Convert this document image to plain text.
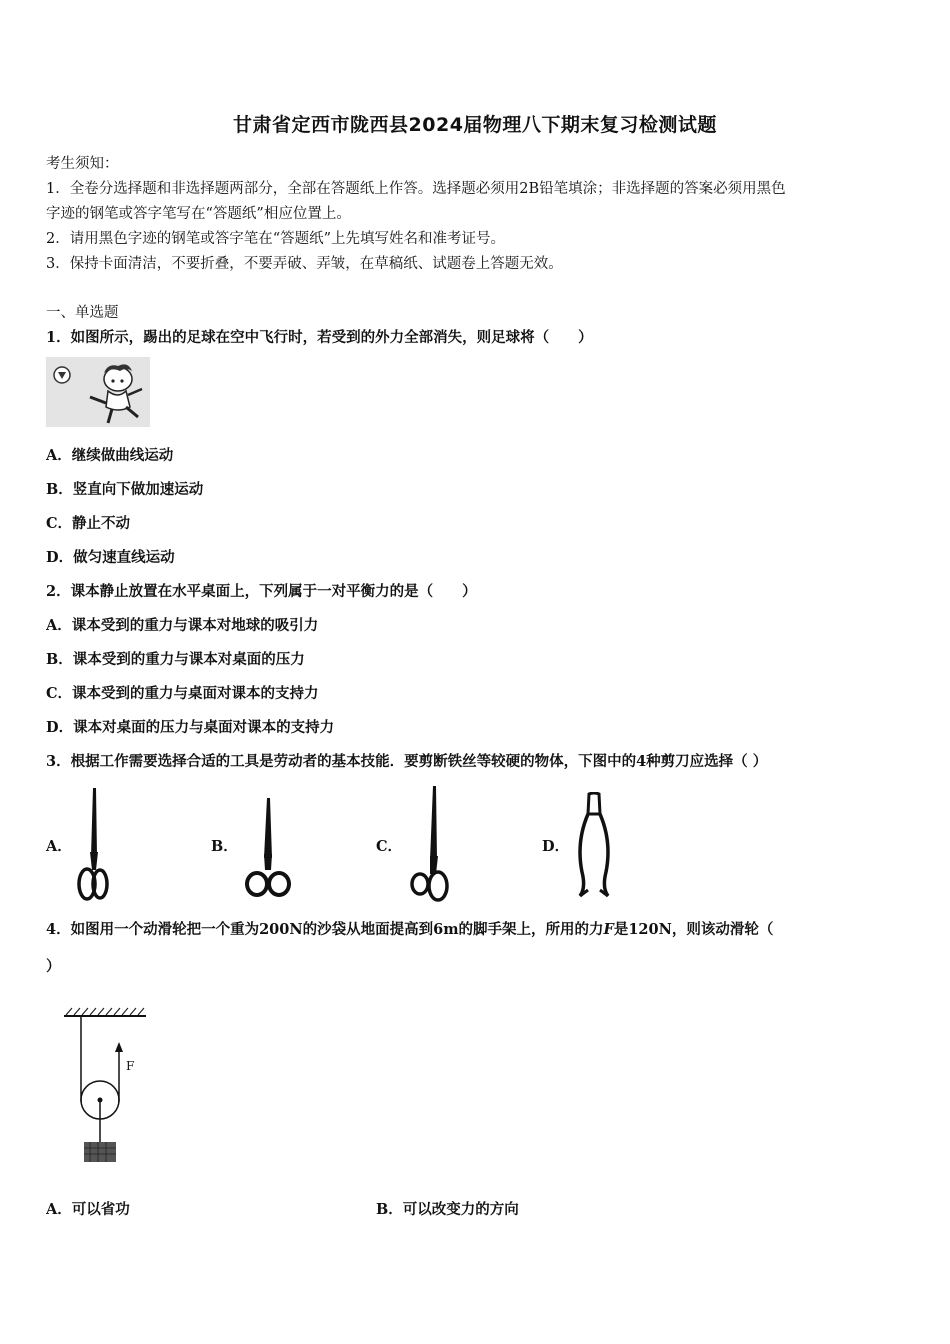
甘肃省定西市陇西县2024届物理八下期末复习检测试题
考生须知：
1．全卷分选择题和非选择题两部分，全部在答题纸上作答。选择题必须用2B铅笔填涂；非选择题的答案必须用黑色
字迹的钢笔或答字笔写在“答题纸”相应位置上。
2．请用黑色字迹的钢笔或答字笔在“答题纸”上先填写姓名和准考证号。
3．保持卡面清洁，不要折叠，不要弄破、弄皱，在草稿纸、试题卷上答题无效。
一、单选题
1．如图所示，踢出的足球在空中飞行时，若受到的外力全部消失，则足球将（　　）
A．继续做曲线运动
B．竖直向下做加速运动
C．静止不动
D．做匀速直线运动
2．课本静止放置在水平桌面上，下列属于一对平衡力的是（　　）
A．课本受到的重力与课本对地球的吸引力
B．课本受到的重力与课本对桌面的压力
C．课本受到的重力与桌面对课本的支持力
D．课本对桌面的压力与桌面对课本的支持力
3．根据工作需要选择合适的工具是劳动者的基本技能．要剪断铁丝等较硬的物体，下图中的4种剪刀应选择（ ）
A．	B．	C．	D．
4．如图用一个动滑轮把一个重为200N的沙袋从地面提高到6m的脚手架上，所用的力F是120N，则该动滑轮（
）
F
A．可以省功	B．可以改变力的方向
